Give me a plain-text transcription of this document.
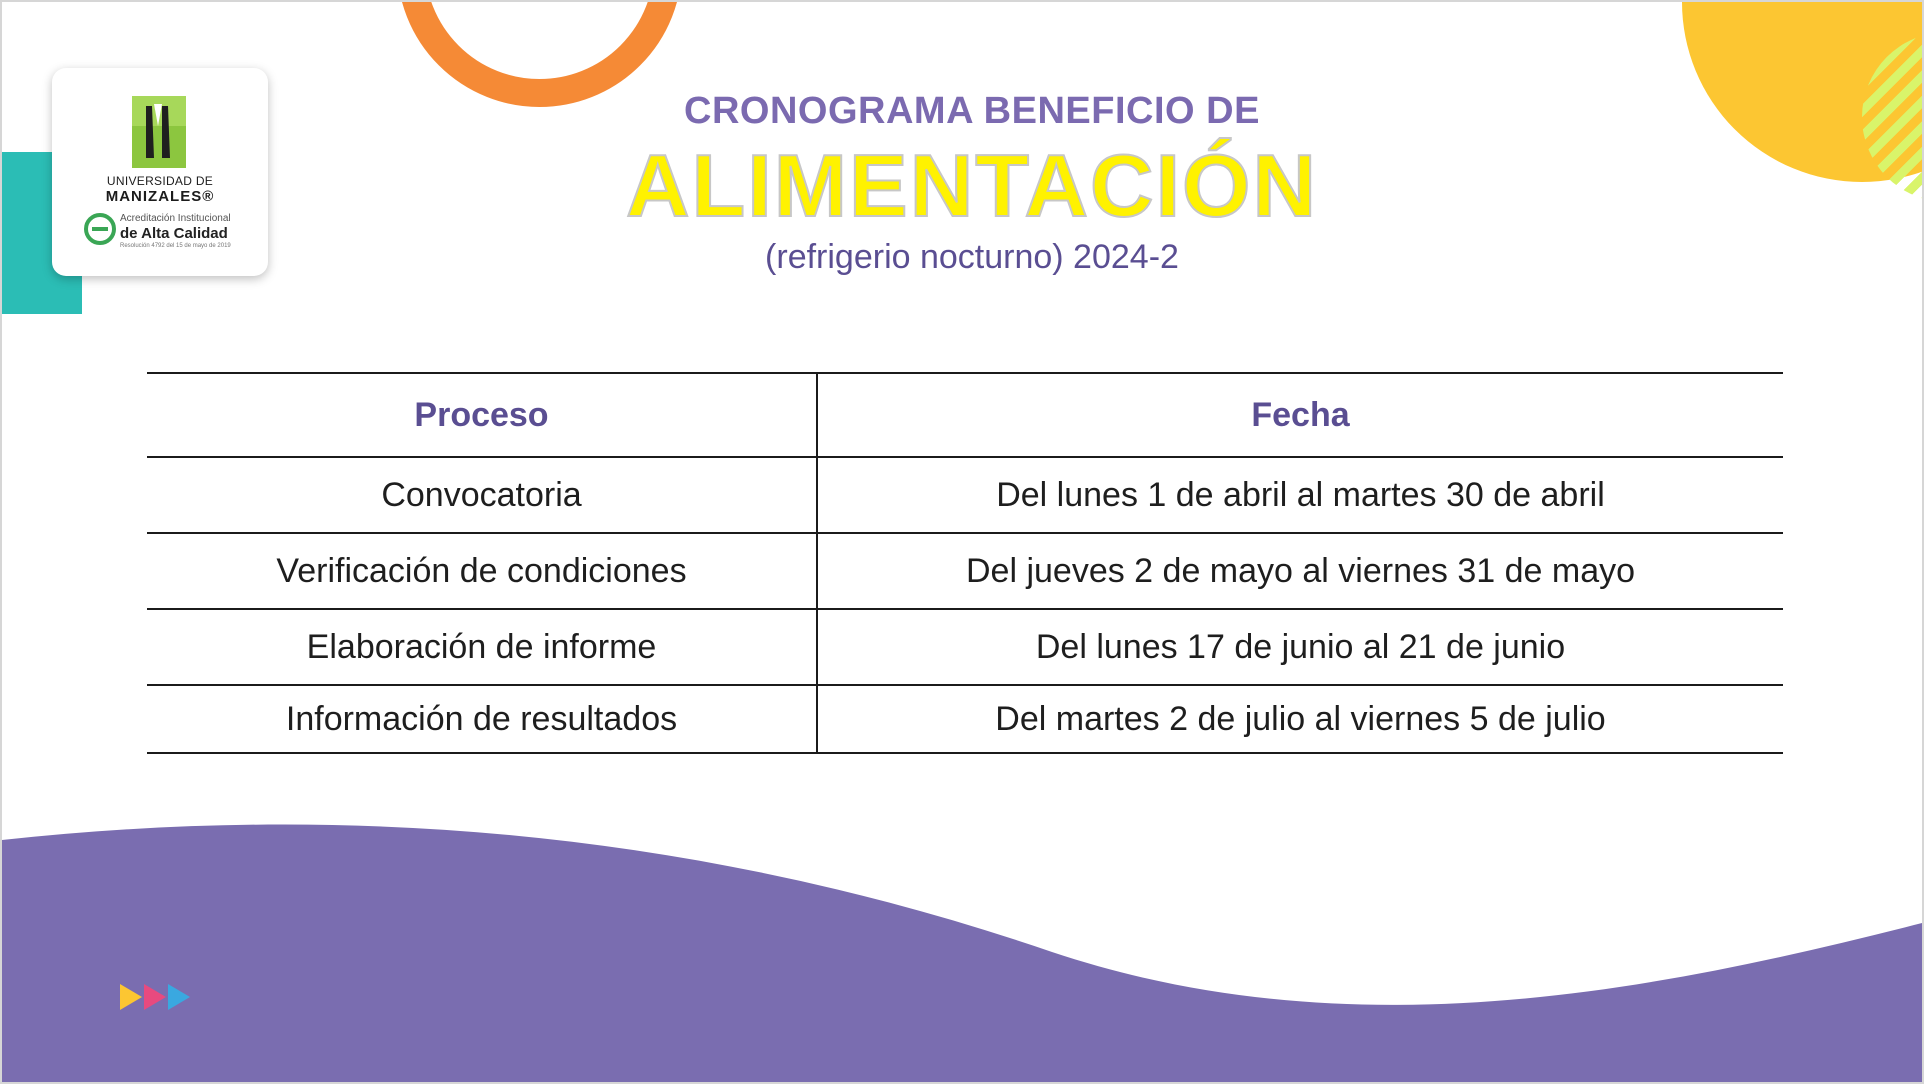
UNIVERSIDAD DE
MANIZALES®
Acreditación Institucional
de Alta Calidad
Resolución 4792 del 15 de mayo de 2019
CRONOGRAMA BENEFICIO DE
ALIMENTACIÓN
(refrigerio nocturno) 2024-2
Proceso	Fecha
Convocatoria	Del lunes 1 de abril al martes 30 de abril
Verificación de condiciones	Del jueves 2 de mayo al viernes 31 de mayo
Elaboración de informe	Del lunes 17 de junio al 21 de junio
Información de resultados	Del martes 2 de julio al viernes 5 de julio
